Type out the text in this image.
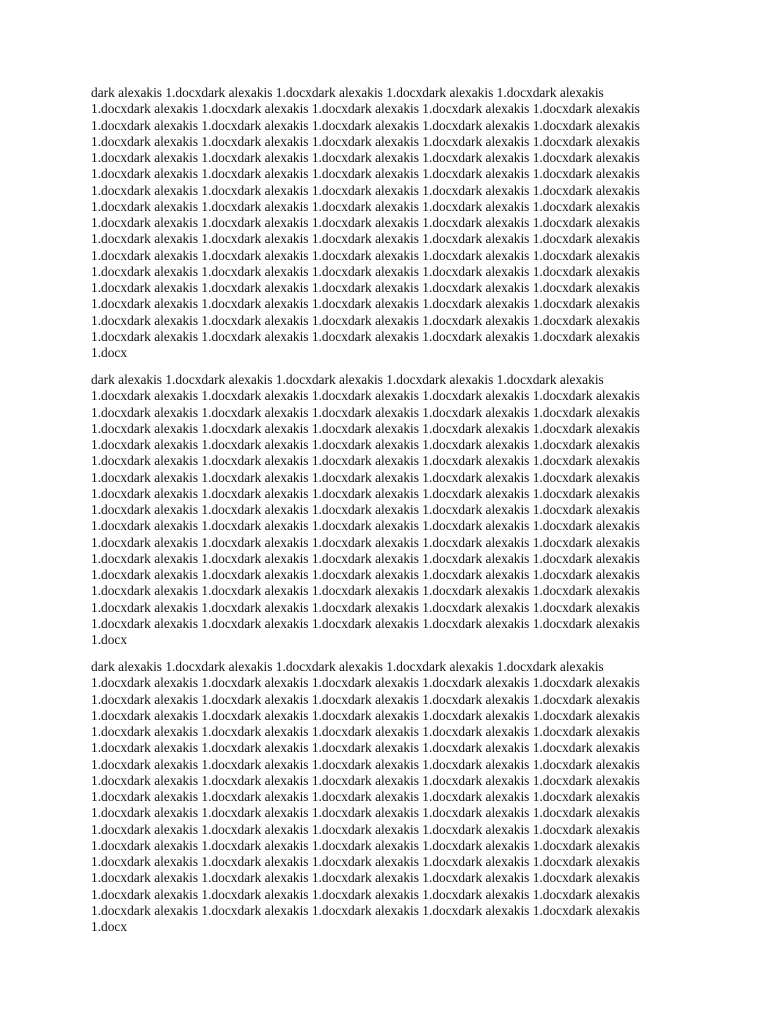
dark alexakis 1.docxdark alexakis 1.docxdark alexakis 1.docxdark alexakis 1.docxdark alexakis
1.docxdark alexakis 1.docxdark alexakis 1.docxdark alexakis 1.docxdark alexakis 1.docxdark alexakis
1.docxdark alexakis 1.docxdark alexakis 1.docxdark alexakis 1.docxdark alexakis 1.docxdark alexakis
1.docxdark alexakis 1.docxdark alexakis 1.docxdark alexakis 1.docxdark alexakis 1.docxdark alexakis
1.docxdark alexakis 1.docxdark alexakis 1.docxdark alexakis 1.docxdark alexakis 1.docxdark alexakis
1.docxdark alexakis 1.docxdark alexakis 1.docxdark alexakis 1.docxdark alexakis 1.docxdark alexakis
1.docxdark alexakis 1.docxdark alexakis 1.docxdark alexakis 1.docxdark alexakis 1.docxdark alexakis
1.docxdark alexakis 1.docxdark alexakis 1.docxdark alexakis 1.docxdark alexakis 1.docxdark alexakis
1.docxdark alexakis 1.docxdark alexakis 1.docxdark alexakis 1.docxdark alexakis 1.docxdark alexakis
1.docxdark alexakis 1.docxdark alexakis 1.docxdark alexakis 1.docxdark alexakis 1.docxdark alexakis
1.docxdark alexakis 1.docxdark alexakis 1.docxdark alexakis 1.docxdark alexakis 1.docxdark alexakis
1.docxdark alexakis 1.docxdark alexakis 1.docxdark alexakis 1.docxdark alexakis 1.docxdark alexakis
1.docxdark alexakis 1.docxdark alexakis 1.docxdark alexakis 1.docxdark alexakis 1.docxdark alexakis
1.docxdark alexakis 1.docxdark alexakis 1.docxdark alexakis 1.docxdark alexakis 1.docxdark alexakis
1.docxdark alexakis 1.docxdark alexakis 1.docxdark alexakis 1.docxdark alexakis 1.docxdark alexakis
1.docxdark alexakis 1.docxdark alexakis 1.docxdark alexakis 1.docxdark alexakis 1.docxdark alexakis
1.docx
dark alexakis 1.docxdark alexakis 1.docxdark alexakis 1.docxdark alexakis 1.docxdark alexakis
1.docxdark alexakis 1.docxdark alexakis 1.docxdark alexakis 1.docxdark alexakis 1.docxdark alexakis
1.docxdark alexakis 1.docxdark alexakis 1.docxdark alexakis 1.docxdark alexakis 1.docxdark alexakis
1.docxdark alexakis 1.docxdark alexakis 1.docxdark alexakis 1.docxdark alexakis 1.docxdark alexakis
1.docxdark alexakis 1.docxdark alexakis 1.docxdark alexakis 1.docxdark alexakis 1.docxdark alexakis
1.docxdark alexakis 1.docxdark alexakis 1.docxdark alexakis 1.docxdark alexakis 1.docxdark alexakis
1.docxdark alexakis 1.docxdark alexakis 1.docxdark alexakis 1.docxdark alexakis 1.docxdark alexakis
1.docxdark alexakis 1.docxdark alexakis 1.docxdark alexakis 1.docxdark alexakis 1.docxdark alexakis
1.docxdark alexakis 1.docxdark alexakis 1.docxdark alexakis 1.docxdark alexakis 1.docxdark alexakis
1.docxdark alexakis 1.docxdark alexakis 1.docxdark alexakis 1.docxdark alexakis 1.docxdark alexakis
1.docxdark alexakis 1.docxdark alexakis 1.docxdark alexakis 1.docxdark alexakis 1.docxdark alexakis
1.docxdark alexakis 1.docxdark alexakis 1.docxdark alexakis 1.docxdark alexakis 1.docxdark alexakis
1.docxdark alexakis 1.docxdark alexakis 1.docxdark alexakis 1.docxdark alexakis 1.docxdark alexakis
1.docxdark alexakis 1.docxdark alexakis 1.docxdark alexakis 1.docxdark alexakis 1.docxdark alexakis
1.docxdark alexakis 1.docxdark alexakis 1.docxdark alexakis 1.docxdark alexakis 1.docxdark alexakis
1.docxdark alexakis 1.docxdark alexakis 1.docxdark alexakis 1.docxdark alexakis 1.docxdark alexakis
1.docx
dark alexakis 1.docxdark alexakis 1.docxdark alexakis 1.docxdark alexakis 1.docxdark alexakis
1.docxdark alexakis 1.docxdark alexakis 1.docxdark alexakis 1.docxdark alexakis 1.docxdark alexakis
1.docxdark alexakis 1.docxdark alexakis 1.docxdark alexakis 1.docxdark alexakis 1.docxdark alexakis
1.docxdark alexakis 1.docxdark alexakis 1.docxdark alexakis 1.docxdark alexakis 1.docxdark alexakis
1.docxdark alexakis 1.docxdark alexakis 1.docxdark alexakis 1.docxdark alexakis 1.docxdark alexakis
1.docxdark alexakis 1.docxdark alexakis 1.docxdark alexakis 1.docxdark alexakis 1.docxdark alexakis
1.docxdark alexakis 1.docxdark alexakis 1.docxdark alexakis 1.docxdark alexakis 1.docxdark alexakis
1.docxdark alexakis 1.docxdark alexakis 1.docxdark alexakis 1.docxdark alexakis 1.docxdark alexakis
1.docxdark alexakis 1.docxdark alexakis 1.docxdark alexakis 1.docxdark alexakis 1.docxdark alexakis
1.docxdark alexakis 1.docxdark alexakis 1.docxdark alexakis 1.docxdark alexakis 1.docxdark alexakis
1.docxdark alexakis 1.docxdark alexakis 1.docxdark alexakis 1.docxdark alexakis 1.docxdark alexakis
1.docxdark alexakis 1.docxdark alexakis 1.docxdark alexakis 1.docxdark alexakis 1.docxdark alexakis
1.docxdark alexakis 1.docxdark alexakis 1.docxdark alexakis 1.docxdark alexakis 1.docxdark alexakis
1.docxdark alexakis 1.docxdark alexakis 1.docxdark alexakis 1.docxdark alexakis 1.docxdark alexakis
1.docxdark alexakis 1.docxdark alexakis 1.docxdark alexakis 1.docxdark alexakis 1.docxdark alexakis
1.docxdark alexakis 1.docxdark alexakis 1.docxdark alexakis 1.docxdark alexakis 1.docxdark alexakis
1.docx
